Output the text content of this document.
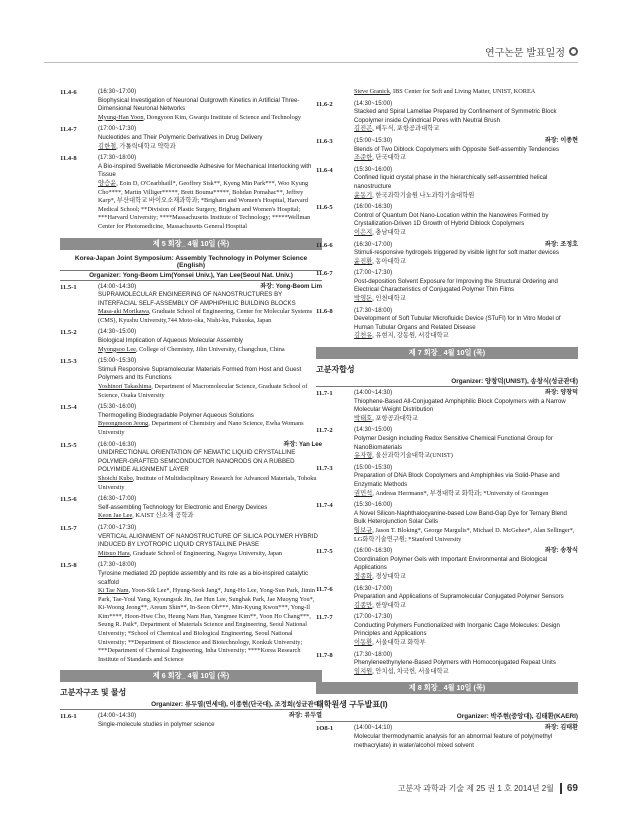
연구논문 발표일정
11.4-6	(16:30~17:00)
Biophysical Investigation of Neuronal Outgrowth Kinetics in Artificial Three-Dimensional Neuronal Networks
Myung-Han Yoon, Dongyoon Kim, Gwanju Institute of Science and Technology
11.4-7	(17:00~17:30)
Nucleotides and Their Polymeric Derivatives in Drug Delivery
김한철, 가톨릭대학교 약학과
11.4-8	(17:30~18:00)
A Bio-inspired Swellable Microneedle Adhesive for Mechanical Interlocking with Tissue
양승윤, Eoin D, O'Cearbhaill*, Geoffrey Sisk**, Kyeng Min Park***, Woo Kyung Cho****, Martin Villiger*****, Brett Bouma*****, Bohdan Pomahac**, Jeffrey Karp*, 부산대학교 바이오소재과학과; *Brigham and Women's Hospital, Harvard Medical School; **Division of Plastic Surgery, Brigham and Women's Hospital; ***Harvard University; ****Massachusetts Institute of Technology; *****Wellman Center for Photomedicine, Massachusetts General Hospital
제 5 회장_ 4월 10일 (목)
Korea-Japan Joint Symposium: Assembly Technology in Polymer Science (English)
Organizer: Yong-Beom Lim(Yonsei Univ.), Yan Lee(Seoul Nat. Univ.)
11.5-1	(14:00~14:30)	좌장: Yong-Beom Lim
SUPRAMOLECULAR ENGINEERING OF NANOSTRUCTURES BY INTERFACIAL SELF-ASSEMBLY OF AMPHIPHILIC BUILDING BLOCKS
Masa-aki Morikawa, Graduate School of Engineering, Center for Molecular Systems (CMS), Kyushu University,744 Moto-oka, Nishi-ku, Fukuoka, Japan
11.5-2	(14:30~15:00)
Biological Implication of Aqueous Molecular Assembly
Myongsoo Lee, College of Chemistry, Jilin University, Changchun, China
11.5-3	(15:00~15:30)
Stimuli Responsive Supramolecular Materials Formed from Host and Guest Polymers and Its Functions
Yoshinori Takashima, Department of Macromolecular Science, Graduate School of Science, Osaka University
11.5-4	(15:30~16:00)
Thermogelling Biodegradable Polymer Aqueous Solutions
Byeongmoon Jeong, Department of Chemistry and Nano Science, Ewha Womans University
11.5-5	(16:00~16:30)	좌장: Yan Lee
UNIDIRECTIONAL ORIENTATION OF NEMATIC LIQUID CRYSTALLINE POLYMER-GRAFTED SEMICONDUCTOR NANORODS ON A RUBBED POLYIMIDE ALIGNMENT LAYER
Shoichi Kubo, Institute of Multidisciplinary Research for Advanced Materials, Tohoku University
11.5-6	(16:30~17:00)
Self-assembling Technology for Electronic and Energy Devices
Keon Jae Lee, KAIST 신소재 공학과
11.5-7	(17:00~17:30)
VERTICAL ALIGNMENT OF NANOSTRUCTURE OF SILICA POLYMER HYBRID INDUCED BY LYOTROPIC LIQUID CRYSTALLINE PHASE
Mitsuo Hara, Graduate School of Engineering, Nagoya University, Japan
11.5-8	(17:30~18:00)
Tyrosine mediated 2D peptide assembly and its role as a bio-inspired catalytic scaffold
Ki Tae Nam, Yoon-Sik Lee*, Hyung-Seok Jang*, Jung-Ho Lee, Yong-Sun Park, Jimin Park, Tae-Youl Yang, Kyoungsuk Jin, Jae Hun Lee, Sunghak Park, Jae Muoyng You*, Ki-Woong Jeong**, Areum Shin**, In-Seon Oh***, Min-Kyung Kwon***, Yong-Il Kim****, Hoon-Hwe Cho, Heung Nam Han, Yangmee Kim**, Yoon Ho Chang***, Seung R. Paik*, Department of Materials Science and Engineering, Seoul National University; *School of Chemical and Biological Engineering, Seoul National University; **Department of Bioscience and Biotechnology, Konkuk University; ***Department of Chemical Engineering, Inha University; ****Korea Research Institute of Standards and Science
제 6 회장_ 4월 10일 (목)
고분자구조 및 물성
Organizer: 류두열(연세대), 이종현(단국대), 조정희(성균관대)
11.6-1	(14:00~14:30)	좌장: 류두열
Single-molecule studies in polymer science
Steve Granick, IBS Center for Soft and Living Matter, UNIST, KOREA
11.6-2	(14:30~15:00)
Stacked and Spiral Lamellae Prepared by Confinement of Symmetric Block Copolymer inside Cylindrical Pores with Neutral Brush
김진곤, 배두식, 포항공과대학교
11.6-3	(15:00~15:30)	좌장: 이종현
Blends of Two Diblock Copolymers with Opposite Self-assembly Tendencies
조준한, 단국대학교
11.6-4	(15:30~16:00)
Confined liquid crystal phase in the hierarchically self-assembled helical nanostructure
윤동기, 한국과학기술원 나노과학기술대학원
11.6-5	(16:00~16:30)
Control of Quantum Dot Nano-Location within the Nanowires Formed by Crystallization-Driven 1D Growth of Hybrid Diblock Copolymers
이은지, 충남대학교
11.6-6	(16:30~17:00)	좌장: 조정호
Stimuli-responsive hydrogels triggered by visible light for soft matter devices
윤진환, 동아대학교
11.6-7	(17:00~17:30)
Post-deposition Solvent Exposure for Improving the Structural Ordering and Electrical Characteristics of Conjugated Polymer Thin Films
박영돈, 인천대학교
11.6-8	(17:30~18:00)
Development of Soft Tubular Microfluidic Device (STuFI) for In Vitro Model of Human Tubular Organs and Related Disease
김천유, 유현지, 강동원, 서강대학교
제 7 회장_ 4월 10일 (목)
고분자합성
Organizer: 양창덕(UNIST), 송창식(성균관대)
11.7-1	(14:00~14:30)	좌장: 양창덕
Thiophene-Based All-Conjugated Amphiphilic Block Copolymers with a Narrow Molecular Weight Distribution
박태호, 포항공과대학교
11.7-2	(14:30~15:00)
Polymer Design including Redox Sensitive Chemical Functional Group for NanoBiomaterials
유자형, 울산과학기술대학교(UNIST)
11.7-3	(15:00~15:30)
Preparation of DNA Block Copolymers and Amphiphiles via Solid-Phase and Enzymatic Methods
권민석, Andreas Herrmann*, 부경대학교 화학과; *University of Groningen
11.7-4	(15:30~16:00)
A Novel Silicon-Naphthalocyanine-based Low Band-Gap Dye for Ternary Blend Bulk Heterojunction Solar Cells
임보규, Jason T. Bloking*, George Margulis*, Michael D. McGehee*, Alan Sellinger*, LG화학기술연구원; *Stanford University
11.7-5	(16:00~16:30)	좌장: 송창식
Coordination Polymer Gels with Important Environmental and Biological Applications
정종화, 경상대학교
11.7-6	(16:30~17:00)
Preparation and Applications of Supramolecular Conjugated Polymer Sensors
김종만, 한양대학교
11.7-7	(17:00~17:30)
Conducting Polymers Functionalized with Inorganic Cage Molecules: Design Principles and Applications
이동환, 서울대학교 화학부
11.7-8	(17:30~18:00)
Phenyleneethynylene-Based Polymers with Homoconjugated Repeat Units
임지원, 안치섭, 차국헌, 서울대학교
제 8 회장_ 4월 10일 (목)
대학원생 구두발표(I)
Organizer: 박주현(중앙대), 김태환(KAERI)
1O8-1	(14:00~14:10)	좌장: 김태환
Molecular thermodynamic analysis for an abnormal feature of poly(methyl methacrylate) in water/alcohol mixed solvent
고분자 과학과 기술 제 25 권 1 호 2014년 2월	69
